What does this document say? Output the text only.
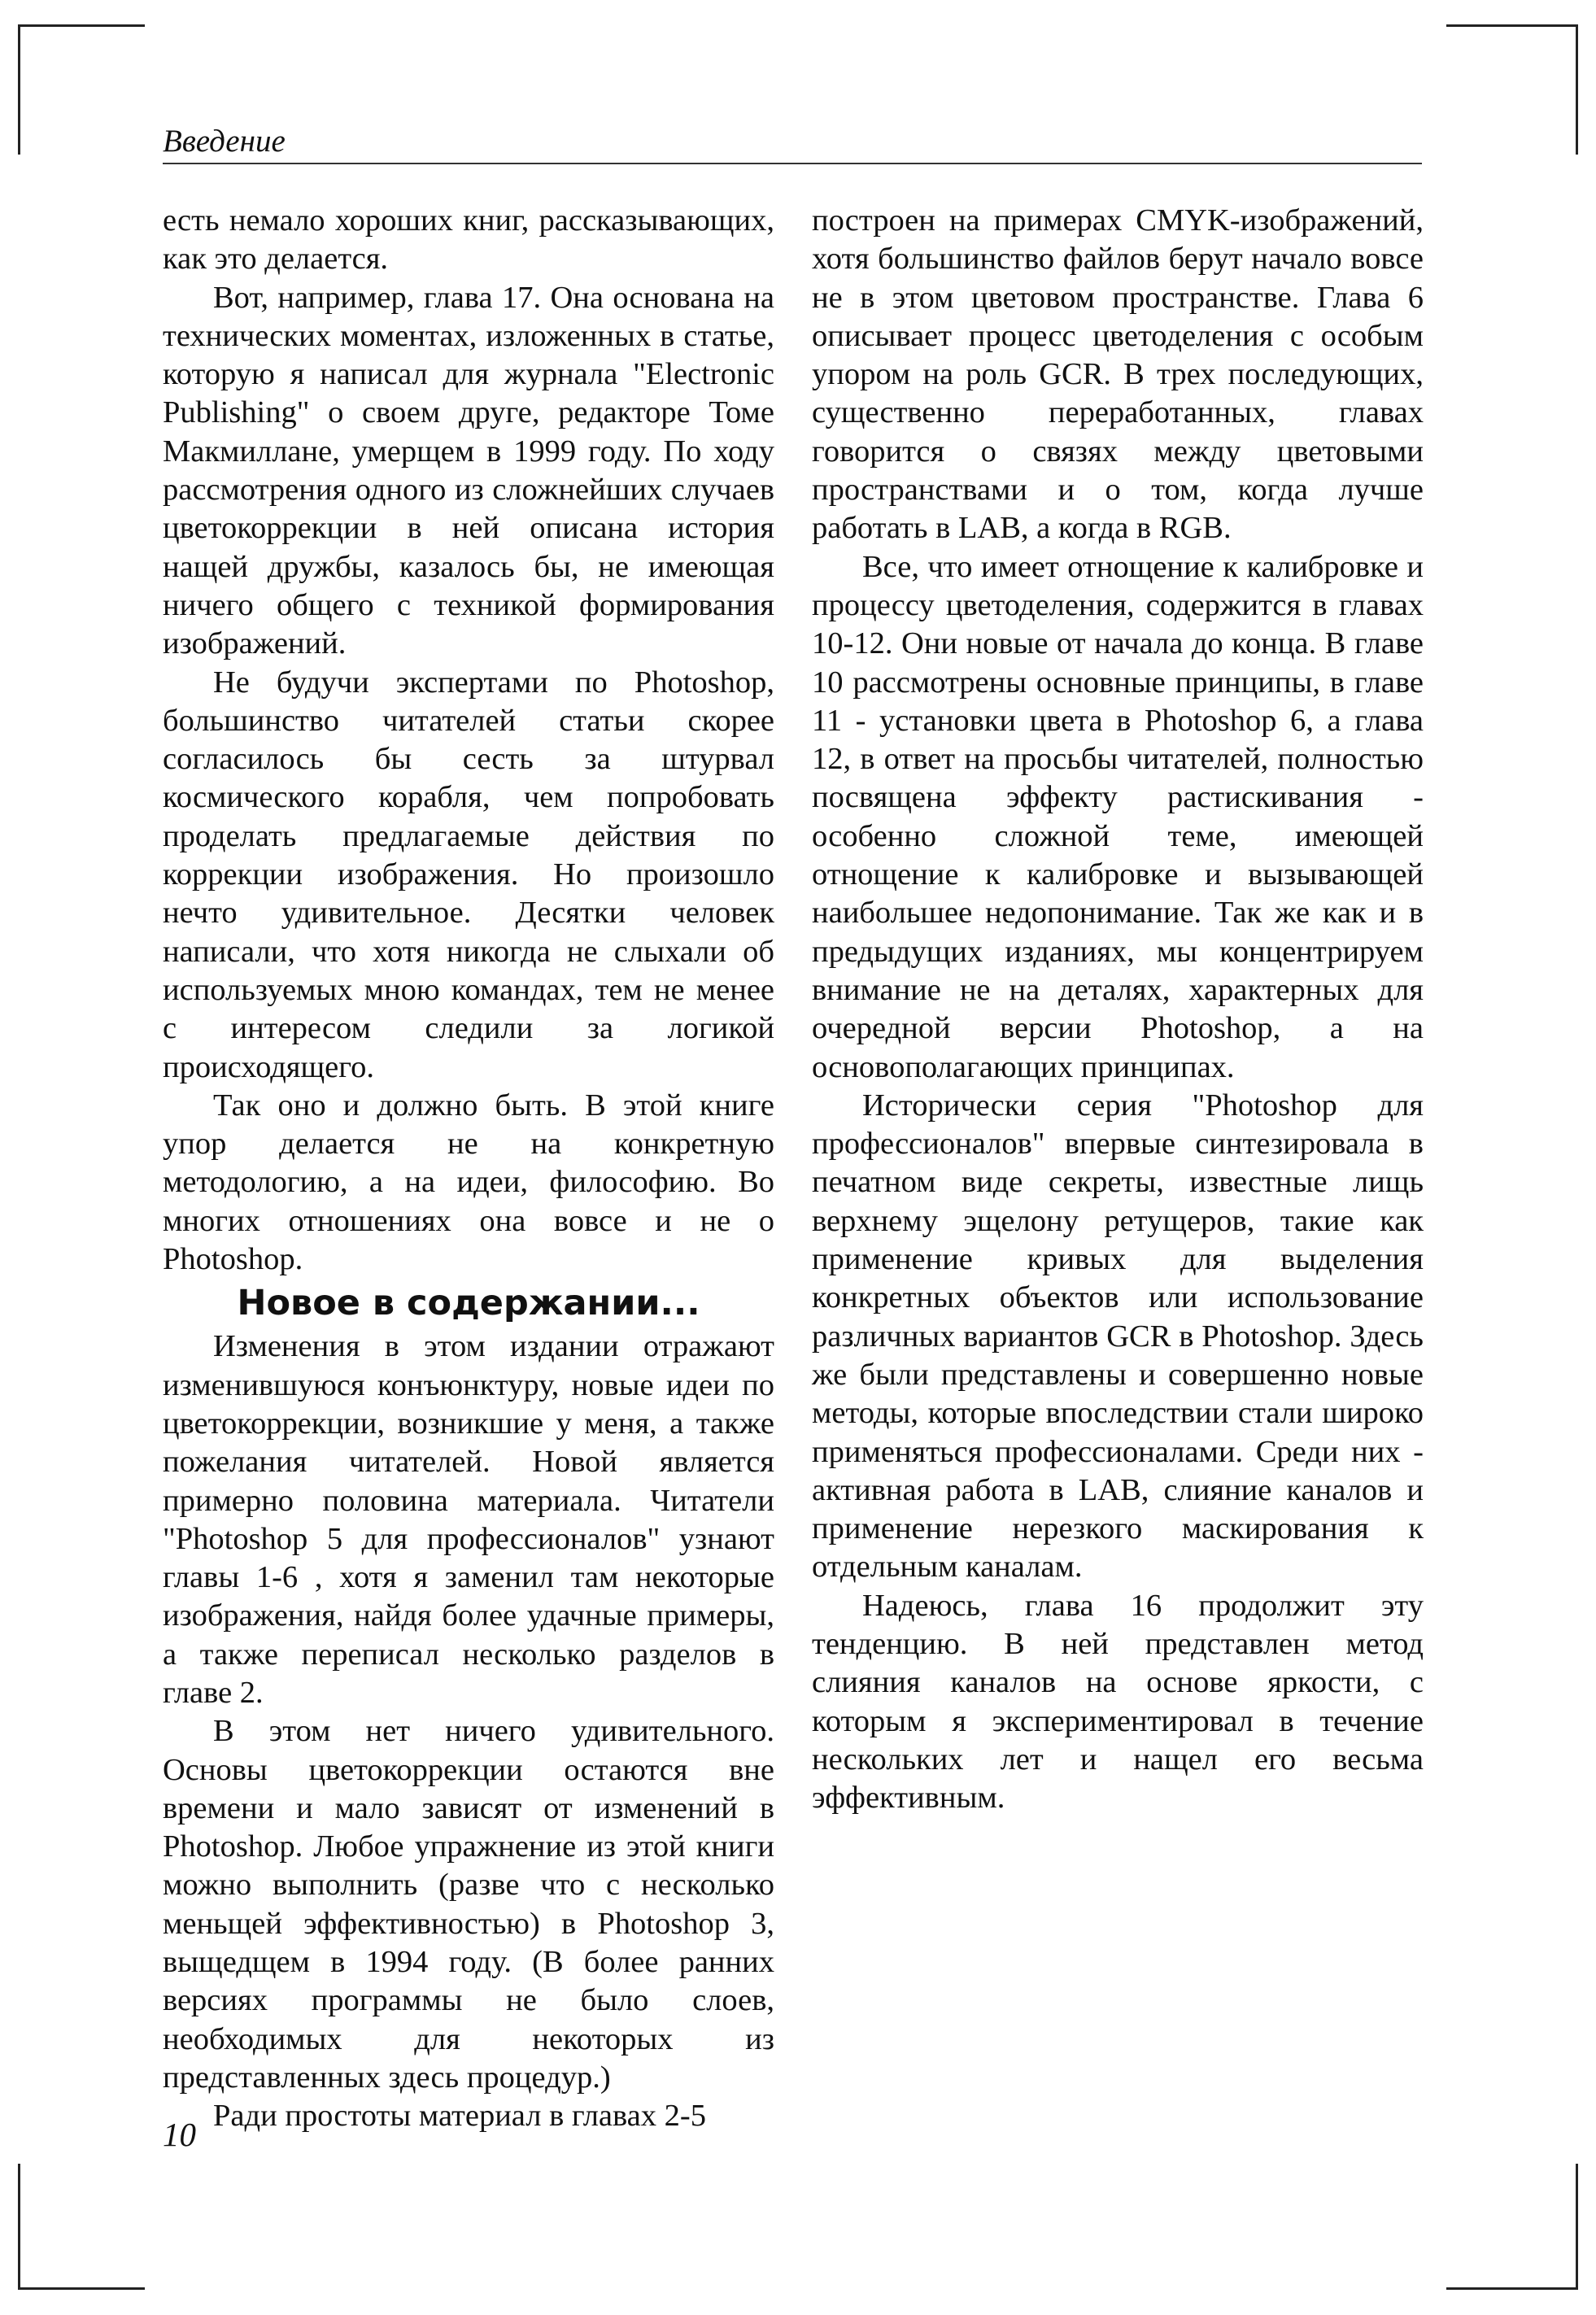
Введение

есть немало хороших книг, рассказывающих, как это делается.

Вот, например, глава 17. Она основана на технических моментах, изложенных в статье, которую я написал для журнала "Electronic Publishing" о своем друге, редакторе Томе Макмиллане, умерщем в 1999 году. По ходу рассмотрения одного из сложнейших случаев цветокоррекции в ней описана история нащей дружбы, казалось бы, не имеющая ничего общего с техникой формирования изображений.

Не будучи экспертами по Photoshop, большинство читателей статьи скорее согласилось бы сесть за штурвал космического корабля, чем попробовать проделать предлагаемые действия по коррекции изображения. Но произошло нечто удивительное. Десятки человек написали, что хотя никогда не слыхали об используемых мною командах, тем не менее с интересом следили за логикой происходящего.

Так оно и должно быть. В этой книге упор делается не на конкретную методологию, а на идеи, философию. Во многих отношениях она вовсе и не о Photoshop.

Новое в содержании...

Изменения в этом издании отражают изменившуюся конъюнктуру, новые идеи по цветокоррекции, возникшие у меня, а также пожелания читателей. Новой является примерно половина материала. Читатели "Photoshop 5 для профессионалов" узнают главы 1-6 , хотя я заменил там некоторые изображения, найдя более удачные примеры, а также переписал несколько разделов в главе 2.

В этом нет ничего удивительного. Основы цветокоррекции остаются вне времени и мало зависят от изменений в Photoshop. Любое упражнение из этой книги можно выполнить (разве что с несколько меньщей эффективностью) в Photoshop 3, выщедщем в 1994 году. (В более ранних версиях программы не было слоев, необходимых для некоторых из представленных здесь процедур.)

Ради простоты материал в главах 2-5

построен на примерах CMYK-изображений, хотя большинство файлов берут начало вовсе не в этом цветовом пространстве. Глава 6 описывает процесс цветоделения с особым упором на роль GCR. В трех последующих, существенно переработанных, главах говорится о связях между цветовыми пространствами и о том, когда лучше работать в LAB, а когда в RGB.

Все, что имеет отнощение к калибровке и процессу цветоделения, содержится в главах 10-12. Они новые от начала до конца. В главе 10 рассмотрены основные принципы, в главе 11 - установки цвета в Photoshop 6, а глава 12, в ответ на просьбы читателей, полностью посвящена эффекту растискивания - особенно сложной теме, имеющей отнощение к калибровке и вызывающей наибольшее недопонимание. Так же как и в предыдущих изданиях, мы концентрируем внимание не на деталях, характерных для очередной версии Photoshop, а на основополагающих принципах.

Исторически серия "Photoshop для профессионалов" впервые синтезировала в печатном виде секреты, известные лищь верхнему эщелону ретущеров, такие как применение кривых для выделения конкретных объектов или использование различных вариантов GCR в Photoshop. Здесь же были представлены и совершенно новые методы, которые впоследствии стали широко применяться профессионалами. Среди них - активная работа в LAB, слияние каналов и применение нерезкого маскирования к отдельным каналам.

Надеюсь, глава 16 продолжит эту тенденцию. В ней представлен метод слияния каналов на основе яркости, с которым я экспериментировал в течение нескольких лет и нащел его весьма эффективным.

10
